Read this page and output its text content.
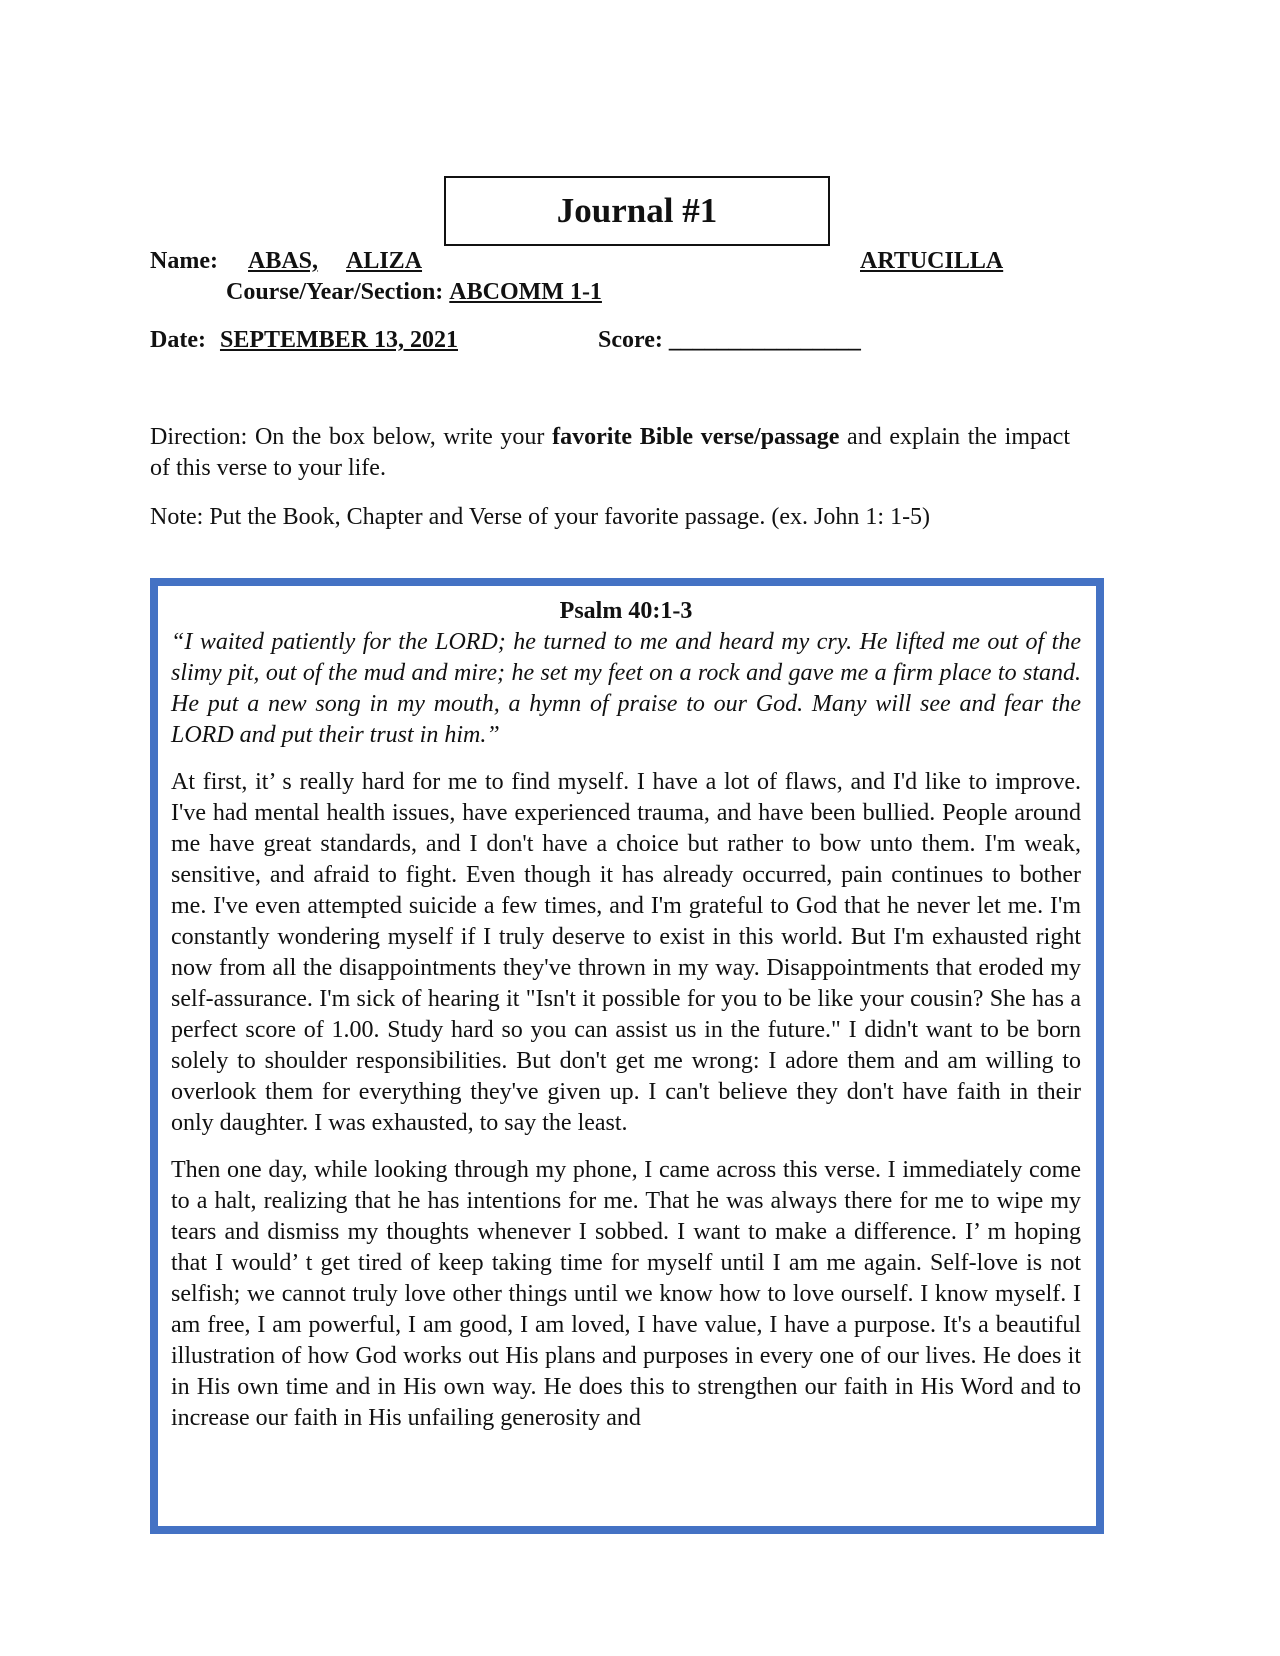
Journal #1
Name: ABAS, ALIZA	ARTUCILLA
Course/Year/Section: ABCOMM 1-1
Date: SEPTEMBER 13, 2021	Score: ________________
Direction: On the box below, write your favorite Bible verse/passage and explain the impact of this verse to your life.
Note: Put the Book, Chapter and Verse of your favorite passage. (ex. John 1: 1-5)
Psalm 40:1-3

“I waited patiently for the LORD; he turned to me and heard my cry. He lifted me out of the slimy pit, out of the mud and mire; he set my feet on a rock and gave me a firm place to stand. He put a new song in my mouth, a hymn of praise to our God. Many will see and fear the LORD and put their trust in him.”

At first, it’ s really hard for me to find myself. I have a lot of flaws, and I'd like to improve. I've had mental health issues, have experienced trauma, and have been bullied. People around me have great standards, and I don't have a choice but rather to bow unto them. I'm weak, sensitive, and afraid to fight. Even though it has already occurred, pain continues to bother me. I've even attempted suicide a few times, and I'm grateful to God that he never let me. I'm constantly wondering myself if I truly deserve to exist in this world. But I'm exhausted right now from all the disappointments they've thrown in my way. Disappointments that eroded my self-assurance. I'm sick of hearing it "Isn't it possible for you to be like your cousin? She has a perfect score of 1.00. Study hard so you can assist us in the future." I didn't want to be born solely to shoulder responsibilities. But don't get me wrong: I adore them and am willing to overlook them for everything they've given up. I can't believe they don't have faith in their only daughter. I was exhausted, to say the least.

Then one day, while looking through my phone, I came across this verse. I immediately come to a halt, realizing that he has intentions for me. That he was always there for me to wipe my tears and dismiss my thoughts whenever I sobbed. I want to make a difference. I’ m hoping that I would’ t get tired of keep taking time for myself until I am me again. Self-love is not selfish; we cannot truly love other things until we know how to love ourself. I know myself. I am free, I am powerful, I am good, I am loved, I have value, I have a purpose. It's a beautiful illustration of how God works out His plans and purposes in every one of our lives. He does it in His own time and in His own way. He does this to strengthen our faith in His Word and to increase our faith in His unfailing generosity and
